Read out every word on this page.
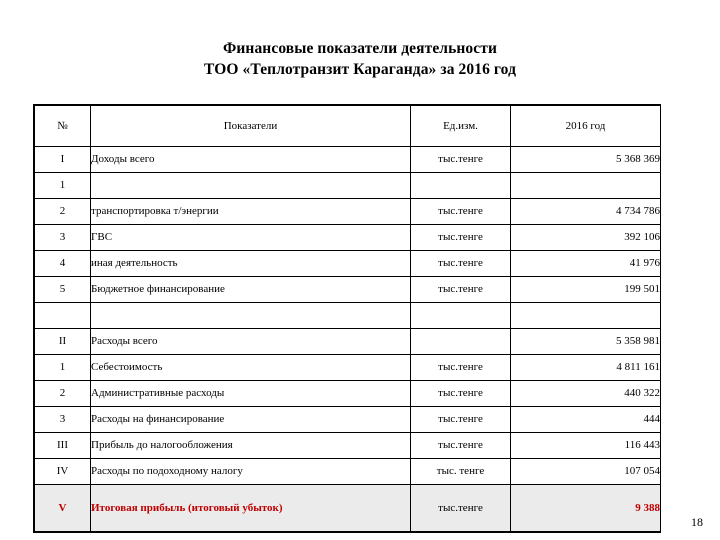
Финансовые показатели деятельности
ТОО «Теплотранзит Караганда» за 2016 год
№	Показатели	Ед.изм.	2016 год
I	Доходы всего	тыс.тенге	5 368 369
1			
2	транспортировка т/энергии	тыс.тенге	4 734 786
3	ГВС	тыс.тенге	392 106
4	иная деятельность	тыс.тенге	41 976
5	Бюджетное финансирование	тыс.тенге	199 501

II	Расходы всего		5 358 981
1	Себестоимость	тыс.тенге	4 811 161
2	Административные расходы	тыс.тенге	440 322
3	Расходы на финансирование	тыс.тенге	444
III	Прибыль до налогообложения	тыс.тенге	116 443
IV	Расходы по подоходному налогу	тыс. тенге	107 054
V	Итоговая прибыль (итоговый убыток)	тыс.тенге	9 388
18
